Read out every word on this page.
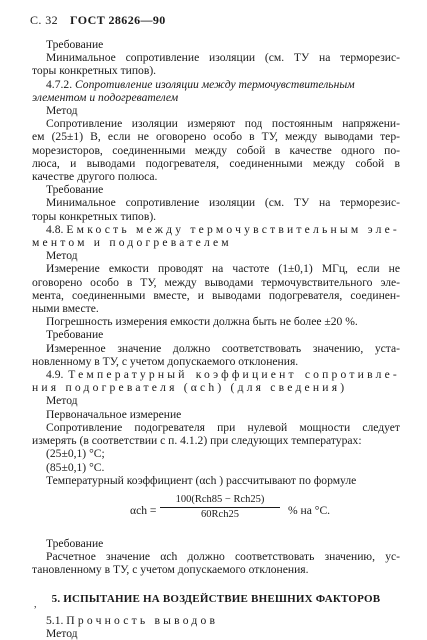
С. 32 ГОСТ 28626—90

Требование

Минимальное сопротивление изоляции (см. ТУ на терморезис-

торы конкретных типов).

4.7.2. Сопротивление изоляции между термочувствительным

элементом и подогревателем

Метод

Сопротивление изоляции измеряют под постоянным напряжени-

ем (25±1) В, если не оговорено особо в ТУ, между выводами тер-

морезисторов, соединенными между собой в качестве одного по-

люса, и выводами подогревателя, соединенными между собой в

качестве другого полюса.

Требование

Минимальное сопротивление изоляции (см. ТУ на терморезис-

торы конкретных типов).

4.8. Емкость между термочувствительным эле-

ментом и подогревателем

Метод

Измерение емкости проводят на частоте (1±0,1) МГц, если не

оговорено особо в ТУ, между выводами термочувствительного эле-

мента, соединенными вместе, и выводами подогревателя, соединен-

ными вместе.

Погрешность измерения емкости должна быть не более ±20 %.

Требование

Измеренное значение должно соответствовать значению, уста-

новленному в ТУ, с учетом допускаемого отклонения.

4.9. Температурный коэффициент сопротивле-

ния подогревателя (αch) (для сведения)

Метод

Первоначальное измерение

Сопротивление подогревателя при нулевой мощности следует

измерять (в соответствии с п. 4.1.2) при следующих температурах:

(25±0,1) °С;

(85±0,1) °С.

Температурный коэффициент (αch ) рассчитывают по формуле

αch =
100(Rch85 − Rch25)
60Rch25	% на °С.

Требование

Расчетное значение αch должно соответствовать значению, ус-

тановленному в ТУ, с учетом допускаемого отклонения.

5. ИСПЫТАНИЕ НА ВОЗДЕЙСТВИЕ ВНЕШНИХ ФАКТОРОВ

5.1. Прочность выводов

Метод

,
